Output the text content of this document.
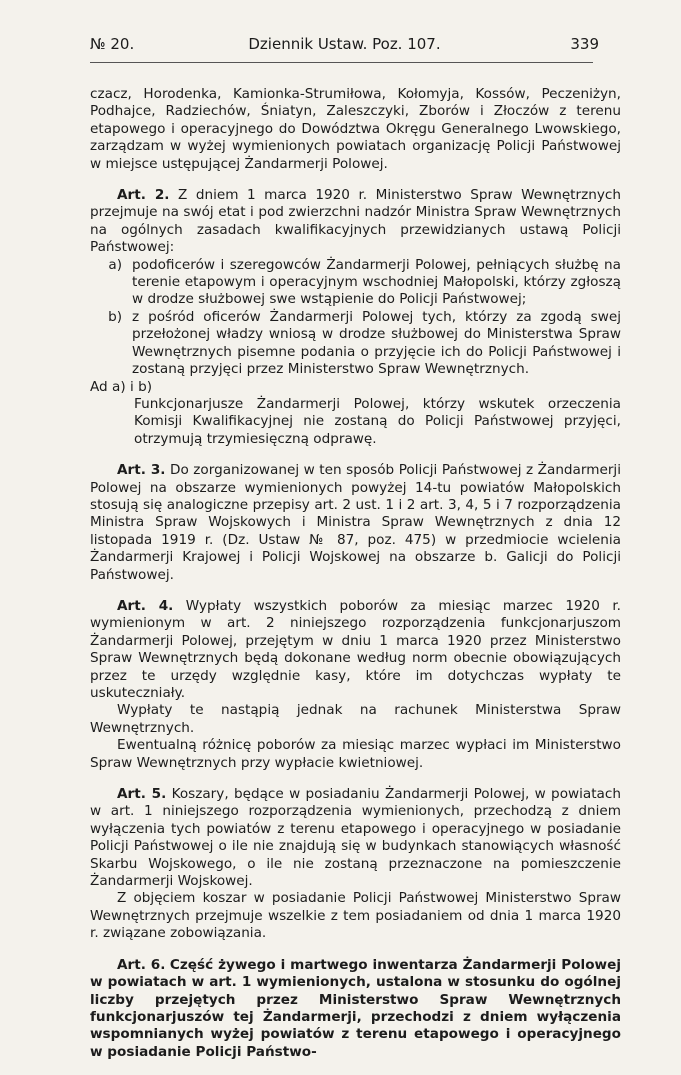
№ 20.	Dziennik Ustaw. Poz. 107.	339

czacz, Horodenka, Kamionka-Strumiłowa, Kołomyja, Kossów, Peczeniżyn, Podhajce, Radziechów, Śniatyn, Zaleszczyki, Zborów i Złoczów z terenu etapowego i operacyjnego do Dowództwa Okręgu Generalnego Lwowskiego, zarządzam w wyżej wymienionych powiatach organizację Policji Państwowej w miejsce ustępującej Żandarmerji Polowej.

Art. 2. Z dniem 1 marca 1920 r. Ministerstwo Spraw Wewnętrznych przejmuje na swój etat i pod zwierzchni nadzór Ministra Spraw Wewnętrznych na ogólnych zasadach kwalifikacyjnych przewidzianych ustawą Policji Państwowej:

a) podoficerów i szeregowców Żandarmerji Polowej, pełniących służbę na terenie etapowym i operacyjnym wschodniej Małopolski, którzy zgłoszą w drodze służbowej swe wstąpienie do Policji Państwowej;
b) z pośród oficerów Żandarmerji Polowej tych, którzy za zgodą swej przełożonej władzy wniosą w drodze służbowej do Ministerstwa Spraw Wewnętrznych pisemne podania o przyjęcie ich do Policji Państwowej i zostaną przyjęci przez Ministerstwo Spraw Wewnętrznych.

Ad a) i b)

Funkcjonarjusze Żandarmerji Polowej, którzy wskutek orzeczenia Komisji Kwalifikacyjnej nie zostaną do Policji Państwowej przyjęci, otrzymują trzymiesięczną odprawę.

Art. 3. Do zorganizowanej w ten sposób Policji Państwowej z Żandarmerji Polowej na obszarze wymienionych powyżej 14-tu powiatów Małopolskich stosują się analogiczne przepisy art. 2 ust. 1 i 2 art. 3, 4, 5 i 7 rozporządzenia Ministra Spraw Wojskowych i Ministra Spraw Wewnętrznych z dnia 12 listopada 1919 r. (Dz. Ustaw № 87, poz. 475) w przedmiocie wcielenia Żandarmerji Krajowej i Policji Wojskowej na obszarze b. Galicji do Policji Państwowej.

Art. 4. Wypłaty wszystkich poborów za miesiąc marzec 1920 r. wymienionym w art. 2 niniejszego rozporządzenia funkcjonarjuszom Żandarmerji Polowej, przejętym w dniu 1 marca 1920 przez Ministerstwo Spraw Wewnętrznych będą dokonane według norm obecnie obowiązujących przez te urzędy względnie kasy, które im dotychczas wypłaty te uskuteczniały.

Wypłaty te nastąpią jednak na rachunek Ministerstwa Spraw Wewnętrznych.

Ewentualną różnicę poborów za miesiąc marzec wypłaci im Ministerstwo Spraw Wewnętrznych przy wypłacie kwietniowej.

Art. 5. Koszary, będące w posiadaniu Żandarmerji Polowej, w powiatach w art. 1 niniejszego rozporządzenia wymienionych, przechodzą z dniem wyłączenia tych powiatów z terenu etapowego i operacyjnego w posiadanie Policji Państwowej o ile nie znajdują się w budynkach stanowiących własność Skarbu Wojskowego, o ile nie zostaną przeznaczone na pomieszczenie Żandarmerji Wojskowej.

Z objęciem koszar w posiadanie Policji Państwowej Ministerstwo Spraw Wewnętrznych przejmuje wszelkie z tem posiadaniem od dnia 1 marca 1920 r. związane zobowiązania.

Art. 6. Część żywego i martwego inwentarza Żandarmerji Polowej w powiatach w art. 1 wymienionych, ustalona w stosunku do ogólnej liczby przejętych przez Ministerstwo Spraw Wewnętrznych funkcjonarjuszów tej Żandarmerji, przechodzi z dniem wyłączenia wspomnianych wyżej powiatów z terenu etapowego i operacyjnego w posiadanie Policji Państwo-
